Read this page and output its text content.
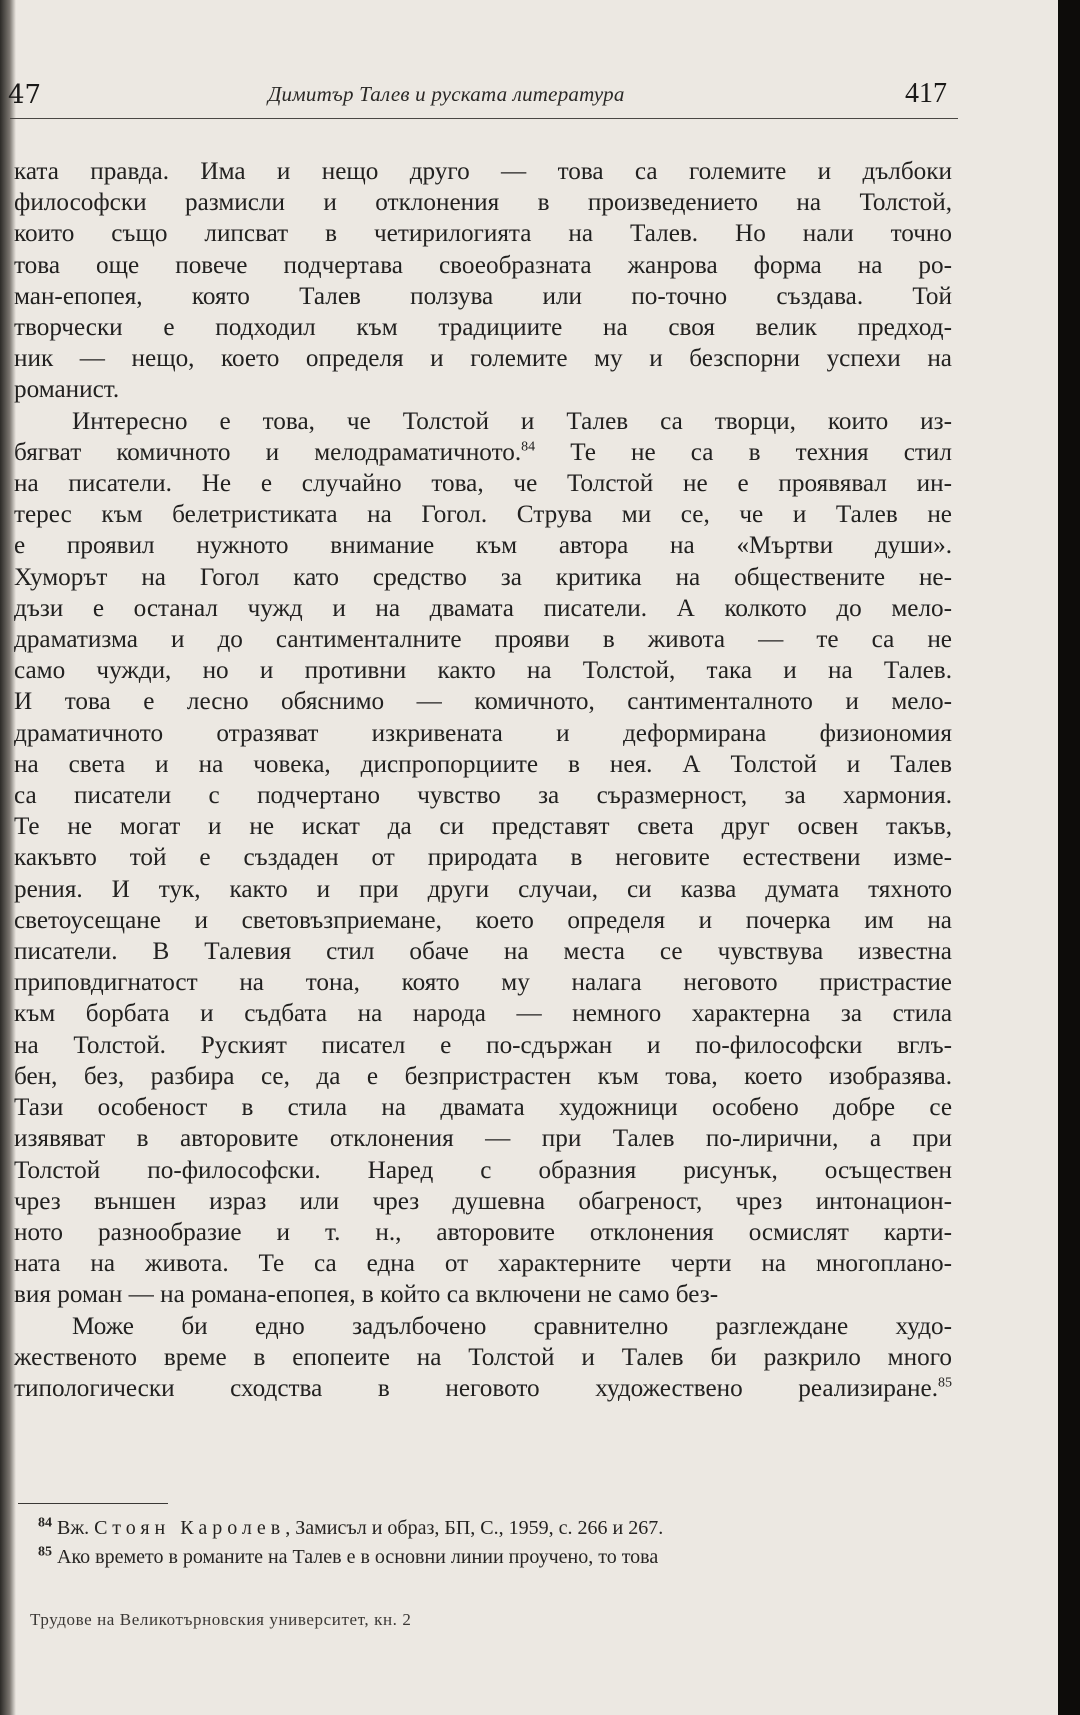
47	Димитър Талев и руската литература	417

ката правда. Има и нещо друго — това са големите и дълбоки

философски размисли и отклонения в произведението на Толстой,

които също липсват в четирилогията на Талев. Но нали точно

това още повече подчертава своеобразната жанрова форма на ро-

ман-епопея, която Талев ползува или по-точно създава. Той

творчески е подходил към традициите на своя велик предход-

ник — нещо, което определя и големите му и безспорни успехи на

романист.

Интересно е това, че Толстой и Талев са творци, които из-

бягват комичното и мелодраматичното.$^{84}$ Те не са в техния стил

на писатели. Не е случайно това, че Толстой не е проявявал ин-

терес към белетристиката на Гогол. Струва ми се, че и Талев не

е проявил нужното внимание към автора на «Мъртви души».

Хуморът на Гогол като средство за критика на обществените не-

дъзи е останал чужд и на двамата писатели. А колкото до мело-

драматизма и до сантименталните прояви в живота — те са не

само чужди, но и противни както на Толстой, така и на Талев.

И това е лесно обяснимо — комичното, сантименталното и мело-

драматичното отразяват изкривената и деформирана физиономия

на света и на човека, диспропорциите в нея. А Толстой и Талев

са писатели с подчертано чувство за съразмерност, за хармония.

Те не могат и не искат да си представят света друг освен такъв,

какъвто той е създаден от природата в неговите естествени изме-

рения. И тук, както и при други случаи, си казва думата тяхното

светоусещане и световъзприемане, което определя и почерка им на

писатели. В Талевия стил обаче на места се чувствува известна

приповдигнатост на тона, която му налага неговото пристрастие

към борбата и съдбата на народа — немного характерна за стила

на Толстой. Руският писател е по-сдържан и по-философски вглъ-

бен, без, разбира се, да е безпристрастен към това, което изобразява.

Тази особеност в стила на двамата художници особено добре се

изявяват в авторовите отклонения — при Талев по-лирични, а при

Толстой по-философски. Наред с образния рисунък, осъществен

чрез външен израз или чрез душевна обагреност, чрез интонацион-

ното разнообразие и т. н., авторовите отклонения осмислят карти-

ната на живота. Те са една от характерните черти на многоплано-

вия роман — на романа-епопея, в който са включени не само без-

Може би едно задълбочено сравнително разглеждане худо-

жественото време в епопеите на Толстой и Талев би разкрило много

типологически сходства в неговото художествено реализиране.$^{85}$

$^{84}$ Вж. Стоян Каролев, Замисъл и образ, БП, С., 1959, с. 266 и 267.
$^{85}$ Ако времето в романите на Талев е в основни линии проучено, то това
Трудове на Великотърновския университет, кн. 2
